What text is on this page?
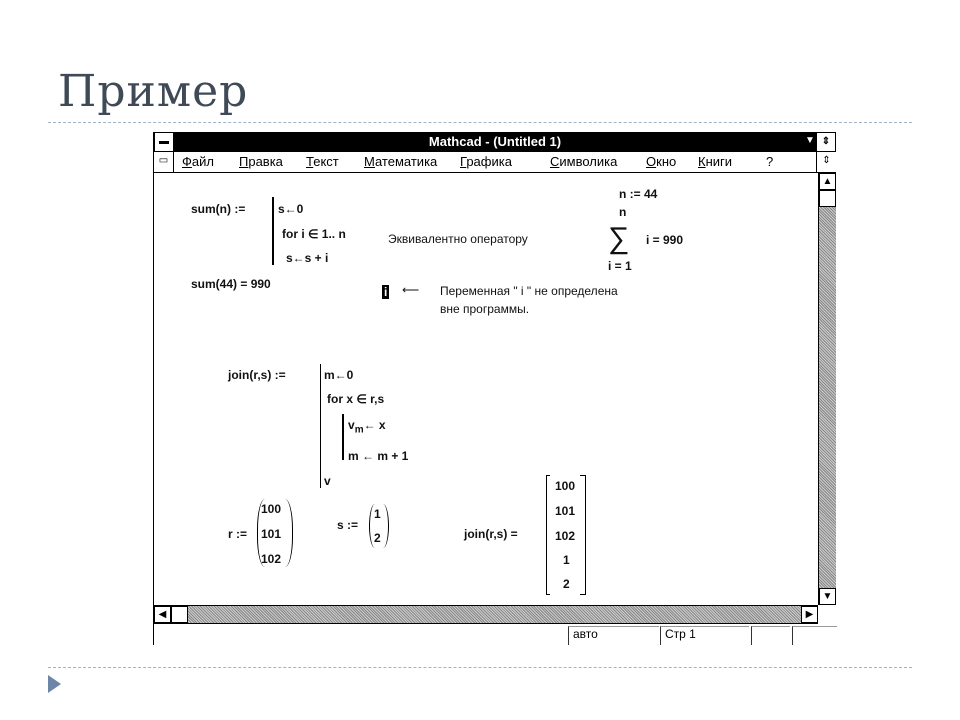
Пример
▬	Mathcad - (Untitled 1)	▼ ⇕
▭	Файл Правка Текст Математика Графика	Символика Окно Книги	?	⇕
sum(n) :=	s←0
for i ∈ 1.. n
s←s + i
sum(44) = 990
Эквивалентно оператору
n := 44
n
∑ i = 990
i = 1
i ⟵ Переменная " i " не определена
вне программы.
join(r,s) :=	m←0
for x ∈ r,s
$v_m\leftarrow$ x
m ← m + 1
v
r :=
100
101
102
s :=
1
2	join(r,s) =
100
101
102
1
2
▲
▼
◀	▶
авто	Стр 1
